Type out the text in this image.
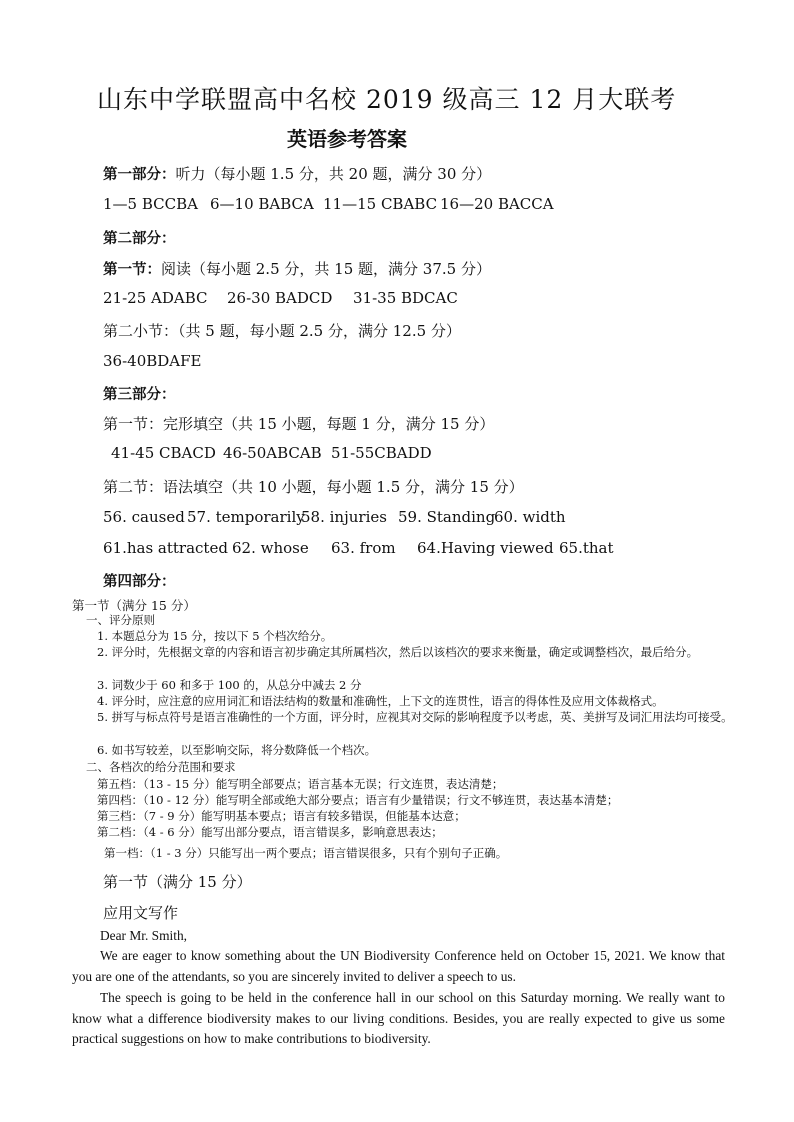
山东中学联盟高中名校 2019 级高三 12 月大联考
英语参考答案
第一部分：听力（每小题 1.5 分，共 20 题，满分 30 分）
1—5 BCCBA 6—10 BABCA 11—15 CBABC 16—20 BACCA
第二部分：
第一节：阅读（每小题 2.5 分，共 15 题，满分 37.5 分）
21-25 ADABC 26-30 BADCD 31-35 BDCAC
第二小节：（共 5 题，每小题 2.5 分，满分 12.5 分）
36-40BDAFE
第三部分：
第一节：完形填空（共 15 小题，每题 1 分，满分 15 分）
41-45 CBACD 46-50ABCAB 51-55CBADD
第二节：语法填空（共 10 小题，每小题 1.5 分，满分 15 分）
56. caused 57. temporarily58. injuries 59. Standing60. width
61.has attracted 62. whose 63. from 64.Having viewed 65.that
第四部分：
第一节（满分 15 分）
一、评分原则
1. 本题总分为 15 分，按以下 5 个档次给分。
2. 评分时，先根据文章的内容和语言初步确定其所属档次，然后以该档次的要求来衡量，确定或调整档次，最后给分。
3. 词数少于 60 和多于 100 的，从总分中减去 2 分
4. 评分时，应注意的应用词汇和语法结构的数量和准确性，上下文的连贯性，语言的得体性及应用文体裁格式。
5. 拼写与标点符号是语言准确性的一个方面，评分时，应视其对交际的影响程度予以考虑，英、美拼写及词汇用法均可接受。
6. 如书写较差，以至影响交际，将分数降低一个档次。
二、各档次的给分范围和要求
第五档：（13 - 15 分）能写明全部要点；语言基本无误；行文连贯，表达清楚；
第四档：（10 - 12 分）能写明全部或绝大部分要点；语言有少量错误；行文不够连贯，表达基本清楚；
第三档：（7 - 9 分）能写明基本要点；语言有较多错误，但能基本达意；
第二档：（4 - 6 分）能写出部分要点，语言错误多，影响意思表达；
第一档：（1 - 3 分）只能写出一两个要点；语言错误很多，只有个别句子正确。
第一节（满分 15 分）
应用文写作
Dear Mr. Smith,
We are eager to know something about the UN Biodiversity Conference held on October 15, 2021. We know that you are one of the attendants, so you are sincerely invited to deliver a speech to us.
The speech is going to be held in the conference hall in our school on this Saturday morning. We really want to know what a difference biodiversity makes to our living conditions. Besides, you are really expected to give us some practical suggestions on how to make contributions to biodiversity.
